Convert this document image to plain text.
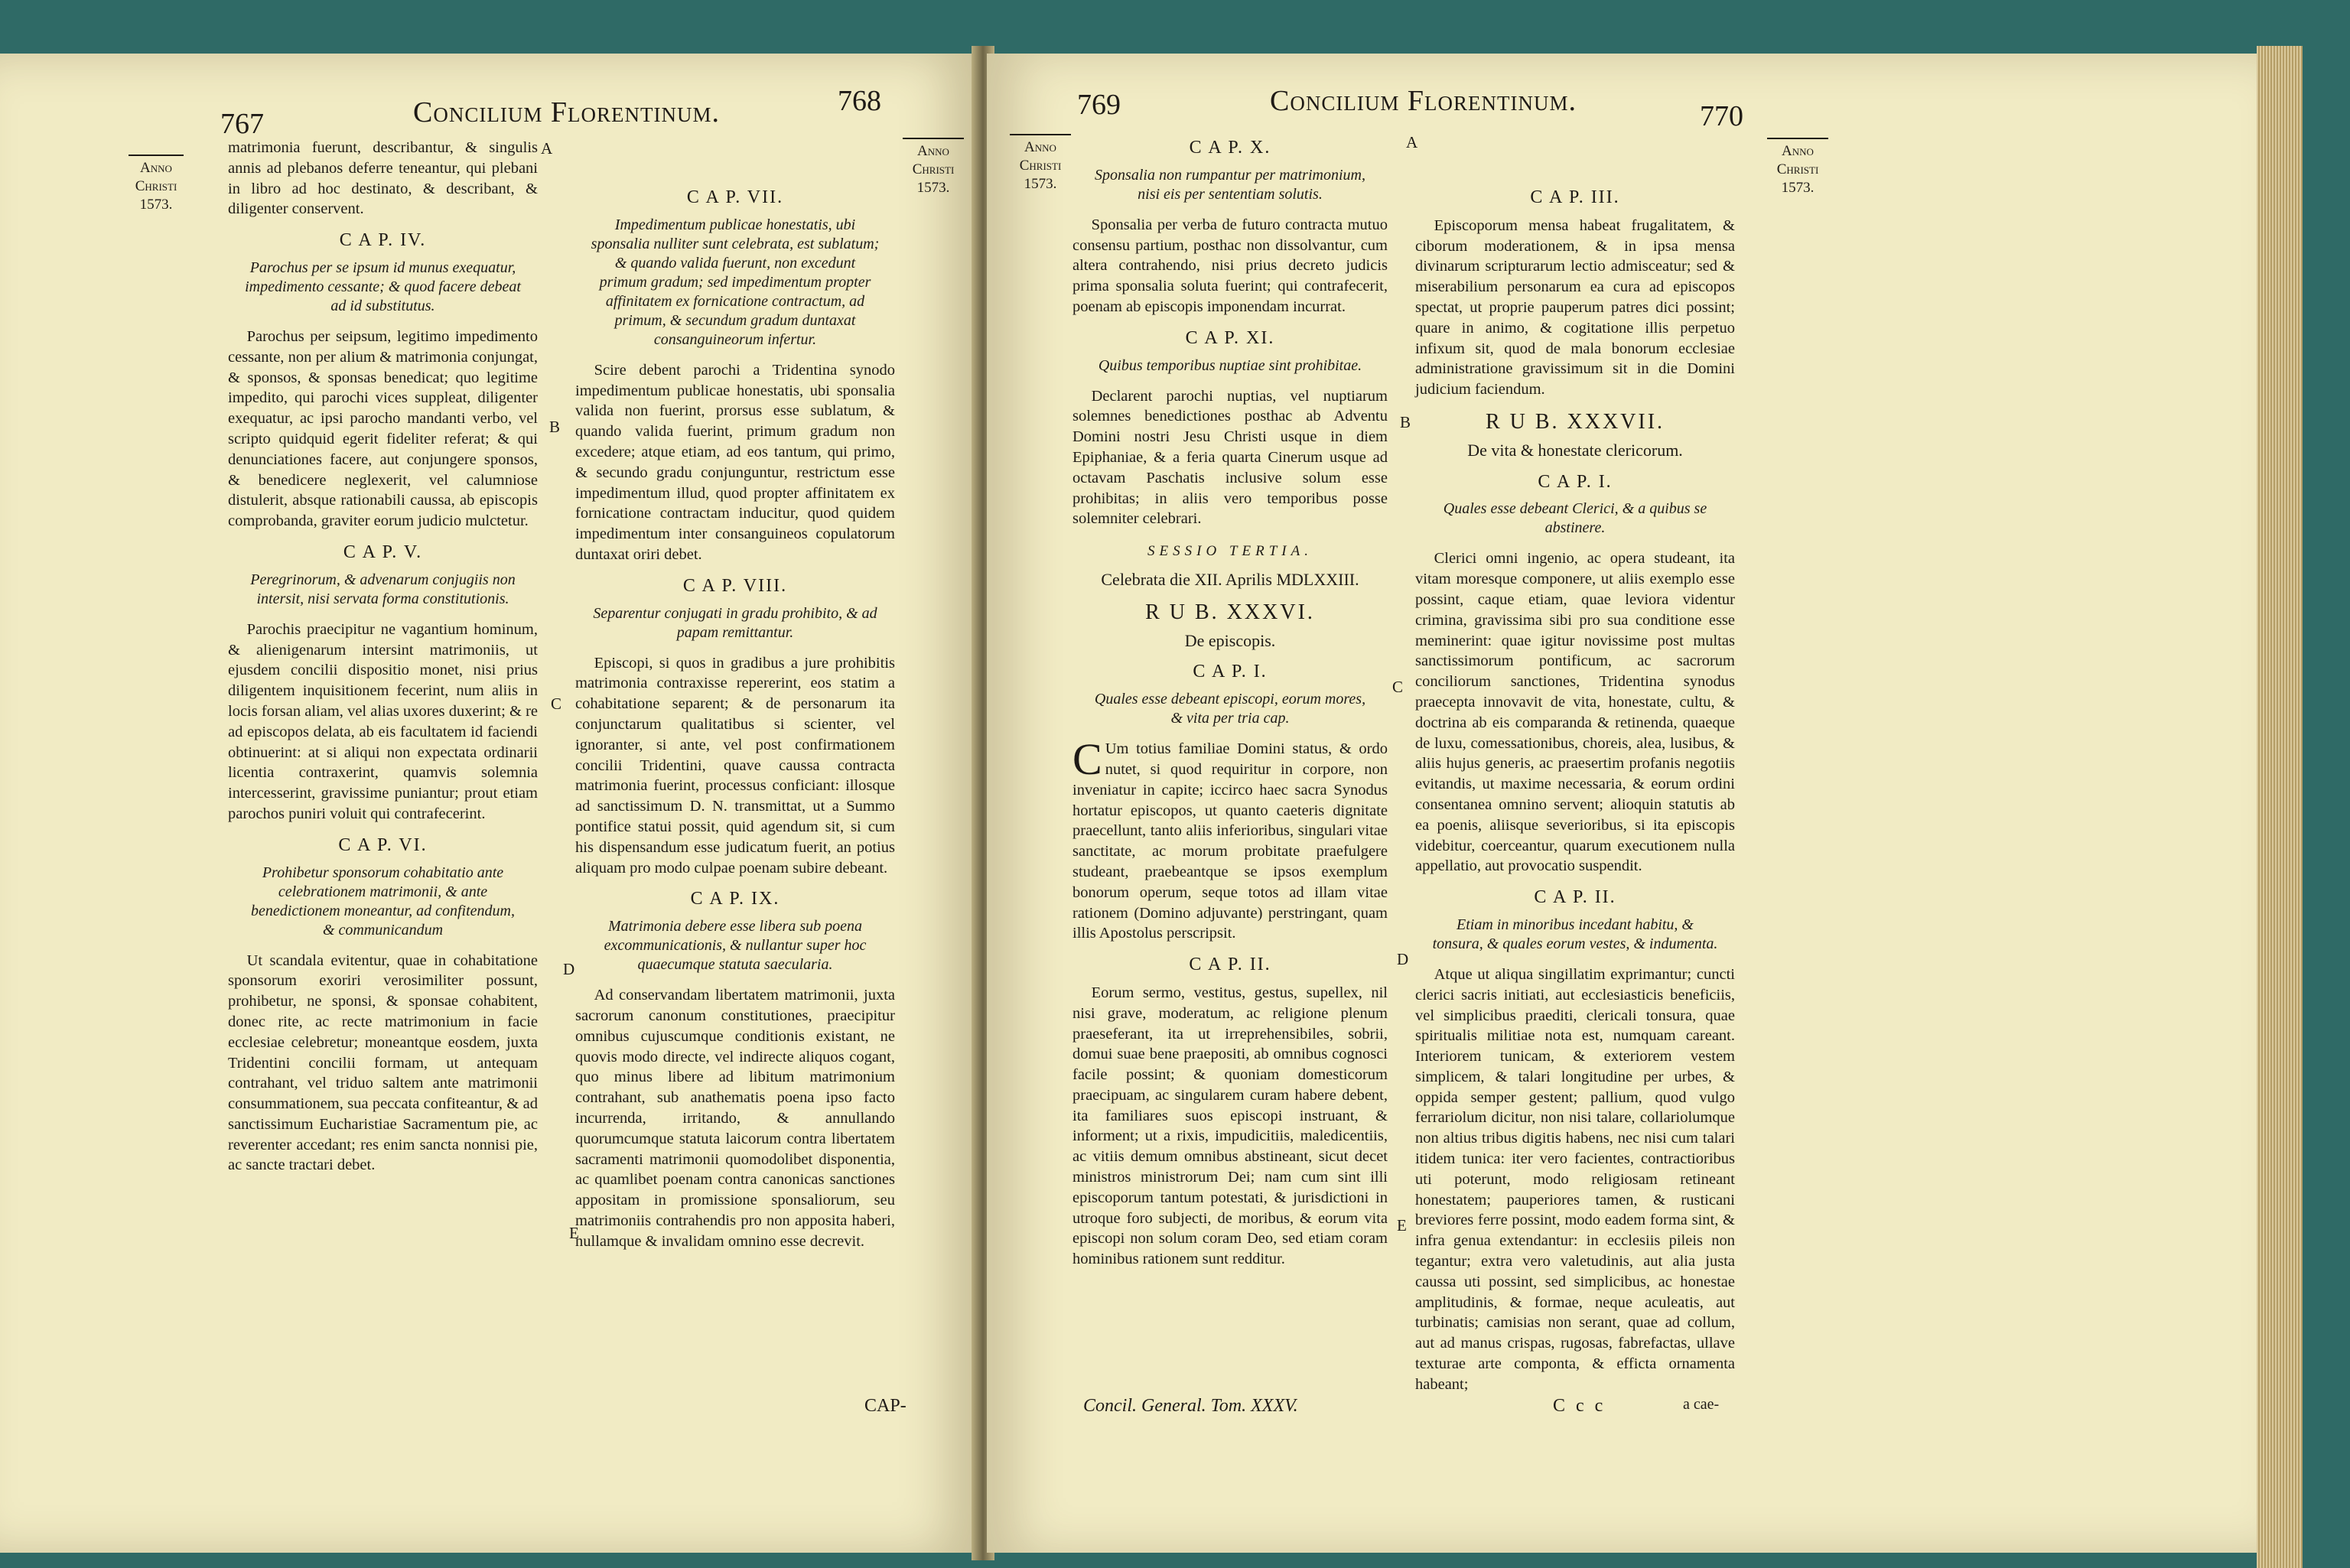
767	Concilium Florentinum.	768
Anno
Christi
1573.
Anno
Christi
1573.
A
B
C
D
E

matrimonia fuerunt, describantur, & singulis annis ad plebanos deferre teneantur, qui plebani in libro ad hoc destinato, & describant, & diligenter conservent.

C A P. IV.
Parochus per se ipsum id munus exequatur, impedimento cessante; & quod facere debeat ad id substitutus.

Parochus per seipsum, legitimo impedimento cessante, non per alium & matrimonia conjungat, & sponsos, & sponsas benedicat; quo legitime impedito, qui parochi vices suppleat, diligenter exequatur, ac ipsi parocho mandanti verbo, vel scripto quidquid egerit fideliter referat; & qui denunciationes facere, aut conjungere sponsos, & benedicere neglexerit, vel calumniose distulerit, absque rationabili caussa, ab episcopis comprobanda, graviter eorum judicio mulctetur.

C A P. V.
Peregrinorum, & advenarum conjugiis non intersit, nisi servata forma constitutionis.

Parochis praecipitur ne vagantium hominum, & alienigenarum intersint matrimoniis, ut ejusdem concilii dispositio monet, nisi prius diligentem inquisitionem fecerint, num aliis in locis forsan aliam, vel alias uxores duxerint; & re ad episcopos delata, ab eis facultatem id faciendi obtinuerint: at si aliqui non expectata ordinarii licentia contraxerint, quamvis solemnia intercesserint, gravissime puniantur; prout etiam parochos puniri voluit qui contrafecerint.

C A P. VI.
Prohibetur sponsorum cohabitatio ante celebrationem matrimonii, & ante benedictionem moneantur, ad confitendum, & communicandum

Ut scandala evitentur, quae in cohabitatione sponsorum exoriri verosimiliter possunt, prohibetur, ne sponsi, & sponsae cohabitent, donec rite, ac recte matrimonium in facie ecclesiae celebretur; moneantque eosdem, juxta Tridentini concilii formam, ut antequam contrahant, vel triduo saltem ante matrimonii consummationem, sua peccata confiteantur, & ad sanctissimum Eucharistiae Sacramentum pie, ac reverenter accedant; res enim sancta nonnisi pie, ac sancte tractari debet.

C A P. VII.
Impedimentum publicae honestatis, ubi sponsalia nulliter sunt celebrata, est sublatum; & quando valida fuerunt, non excedunt primum gradum; sed impedimentum propter affinitatem ex fornicatione contractum, ad primum, & secundum gradum duntaxat consanguineorum infertur.

Scire debent parochi a Tridentina synodo impedimentum publicae honestatis, ubi sponsalia valida non fuerint, prorsus esse sublatum, & quando valida fuerint, primum gradum non excedere; atque etiam, ad eos tantum, qui primo, & secundo gradu conjunguntur, restrictum esse impedimentum illud, quod propter affinitatem ex fornicatione contractam inducitur, quod quidem impedimentum inter consanguineos copulatorum duntaxat oriri debet.

C A P. VIII.
Separentur conjugati in gradu prohibito, & ad papam remittantur.

Episcopi, si quos in gradibus a jure prohibitis matrimonia contraxisse repererint, eos statim a cohabitatione separent; & de personarum ita conjunctarum qualitatibus si scienter, vel ignoranter, si ante, vel post confirmationem concilii Tridentini, quave caussa contracta matrimonia fuerint, processus conficiant: illosque ad sanctissimum D. N. transmittat, ut a Summo pontifice statui possit, quid agendum sit, si cum his dispensandum esse judicatum fuerit, an potius aliquam pro modo culpae poenam subire debeant.

C A P. IX.
Matrimonia debere esse libera sub poena excommunicationis, & nullantur super hoc quaecumque statuta saecularia.

Ad conservandam libertatem matrimonii, juxta sacrorum canonum constitutiones, praecipitur omnibus cujuscumque conditionis existant, ne quovis modo directe, vel indirecte aliquos cogant, quo minus libere ad libitum matrimonium contrahant, sub anathematis poena ipso facto incurrenda, irritando, & annullando quorumcumque statuta laicorum contra libertatem sacramenti matrimonii quomodolibet disponentia, ac quamlibet poenam contra canonicas sanctiones appositam in promissione sponsaliorum, seu matrimoniis contrahendis pro non apposita haberi, nullamque & invalidam omnino esse decrevit.

CAP-
Anno
Christi
1573.
769	Concilium Florentinum.	770
Anno
Christi
1573.
A
B
C
D
E
C A P. X.
Sponsalia non rumpantur per matrimonium, nisi eis per sententiam solutis.

Sponsalia per verba de futuro contracta mutuo consensu partium, posthac non dissolvantur, cum altera contrahendo, nisi prius decreto judicis prima sponsalia soluta fuerint; qui contrafecerit, poenam ab episcopis imponendam incurrat.

C A P. XI.
Quibus temporibus nuptiae sint prohibitae.

Declarent parochi nuptias, vel nuptiarum solemnes benedictiones posthac ab Adventu Domini nostri Jesu Christi usque in diem Epiphaniae, & a feria quarta Cinerum usque ad octavam Paschatis inclusive solum esse prohibitas; in aliis vero temporibus posse solemniter celebrari.

SESSIO TERTIA.
Celebrata die XII. Aprilis MDLXXIII.
R U B. XXXVI.
De episcopis.
C A P. I.
Quales esse debeant episcopi, eorum mores, & vita per tria cap.

C Um totius familiae Domini status, & ordo nutet, si quod requiritur in corpore, non inveniatur in capite; iccirco haec sacra Synodus hortatur episcopos, ut quanto caeteris dignitate praecellunt, tanto aliis inferioribus, singulari vitae sanctitate, ac morum probitate praefulgere studeant, praebeantque se ipsos exemplum bonorum operum, seque totos ad illam vitae rationem (Domino adjuvante) perstringant, quam illis Apostolus perscripsit.

C A P. II.

Eorum sermo, vestitus, gestus, supellex, nil nisi grave, moderatum, ac religione plenum praeseferant, ita ut irreprehensibiles, sobrii, domui suae bene praepositi, ab omnibus cognosci facile possint; & quoniam domesticorum praecipuam, ac singularem curam habere debent, ita familiares suos episcopi instruant, & informent; ut a rixis, impudicitiis, maledicentiis, ac vitiis demum omnibus abstineant, sicut decet ministros ministrorum Dei; nam cum sint illi episcoporum tantum potestati, & jurisdictioni in utroque foro subjecti, de moribus, & eorum vita episcopi non solum coram Deo, sed etiam coram hominibus rationem sunt redditur.

C A P. III.

Episcoporum mensa habeat frugalitatem, & ciborum moderationem, & in ipsa mensa divinarum scripturarum lectio admisceatur; sed & miserabilium personarum ea cura ad episcopos spectat, ut proprie pauperum patres dici possint; quare in animo, & cogitatione illis perpetuo infixum sit, quod de mala bonorum ecclesiae administratione gravissimum sit in die Domini judicium faciendum.

R U B. XXXVII.
De vita & honestate clericorum.
C A P. I.
Quales esse debeant Clerici, & a quibus se abstinere.

Clerici omni ingenio, ac opera studeant, ita vitam moresque componere, ut aliis exemplo esse possint, caque etiam, quae leviora videntur crimina, gravissima sibi pro sua conditione esse meminerint: quae igitur novissime post multas sanctissimorum pontificum, ac sacrorum conciliorum sanctiones, Tridentina synodus praecepta innovavit de vita, honestate, cultu, & doctrina ab eis comparanda & retinenda, quaeque de luxu, comessationibus, choreis, alea, lusibus, & aliis hujus generis, ac praesertim profanis negotiis evitandis, ut maxime necessaria, & eorum ordini consentanea omnino servent; alioquin statutis ab ea poenis, aliisque severioribus, si ita episcopis videbitur, coerceantur, quarum executionem nulla appellatio, aut provocatio suspendit.

C A P. II.
Etiam in minoribus incedant habitu, & tonsura, & quales eorum vestes, & indumenta.

Atque ut aliqua singillatim exprimantur; cuncti clerici sacris initiati, aut ecclesiasticis beneficiis, vel simplicibus praediti, clericali tonsura, quae spiritualis militiae nota est, numquam careant. Interiorem tunicam, & exteriorem vestem simplicem, & talari longitudine per urbes, & oppida semper gestent; pallium, quod vulgo ferrariolum dicitur, non nisi talare, collariolumque non altius tribus digitis habens, nec nisi cum talari itidem tunica: iter vero facientes, contractioribus uti poterunt, modo religiosam retineant honestatem; pauperiores tamen, & rusticani breviores ferre possint, modo eadem forma sint, & infra genua extendantur: in ecclesiis pileis non tegantur; extra vero valetudinis, aut alia justa caussa uti possint, sed simplicibus, ac honestae amplitudinis, & formae, neque aculeatis, aut turbinatis; camisias non serant, quae ad collum, aut ad manus crispas, rugosas, fabrefactas, ullave texturae arte componta, & efficta ornamenta habeant;

Concil. General. Tom. XXXV.	C c c	a cae-
